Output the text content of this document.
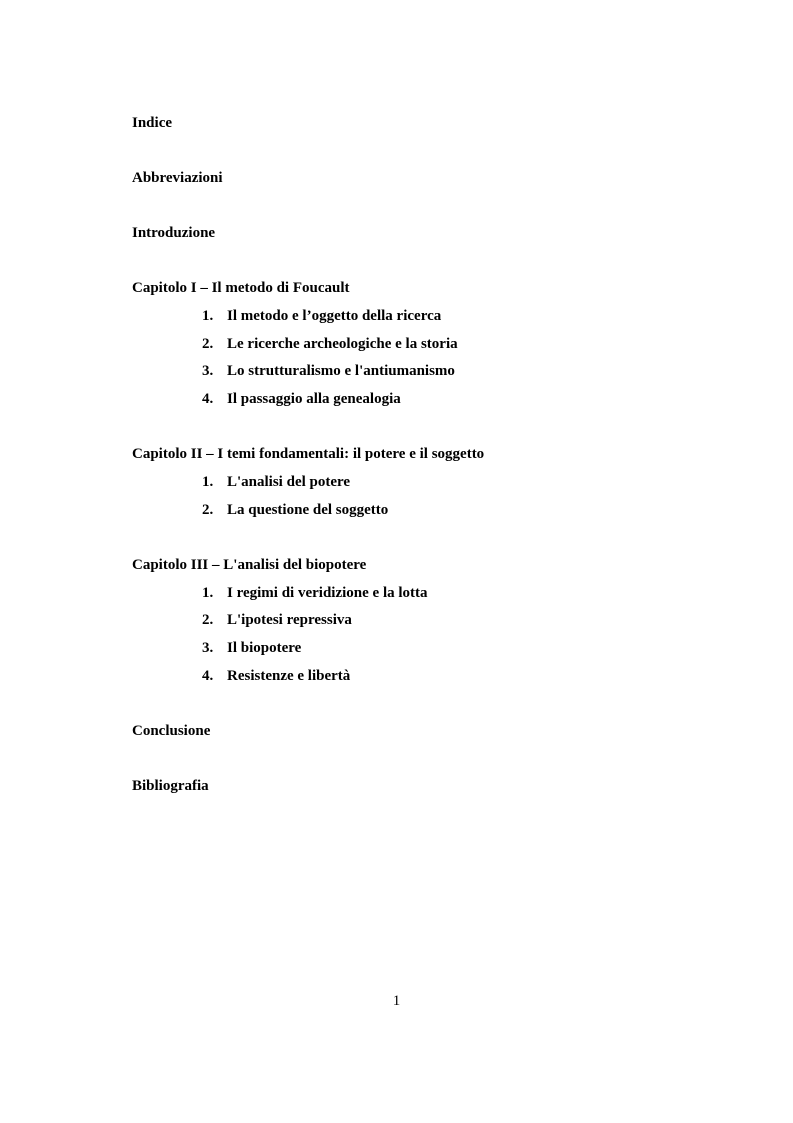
Indice
Abbreviazioni
Introduzione
Capitolo I – Il metodo di Foucault
1. Il metodo e l’oggetto della ricerca
2. Le ricerche archeologiche e la storia
3. Lo strutturalismo e l'antiumanismo
4. Il passaggio alla genealogia
Capitolo II – I temi fondamentali: il potere e il soggetto
1. L'analisi del potere
2. La questione del soggetto
Capitolo III – L'analisi del biopotere
1. I regimi di veridizione e la lotta
2. L'ipotesi repressiva
3. Il biopotere
4. Resistenze e libertà
Conclusione
Bibliografia
1
